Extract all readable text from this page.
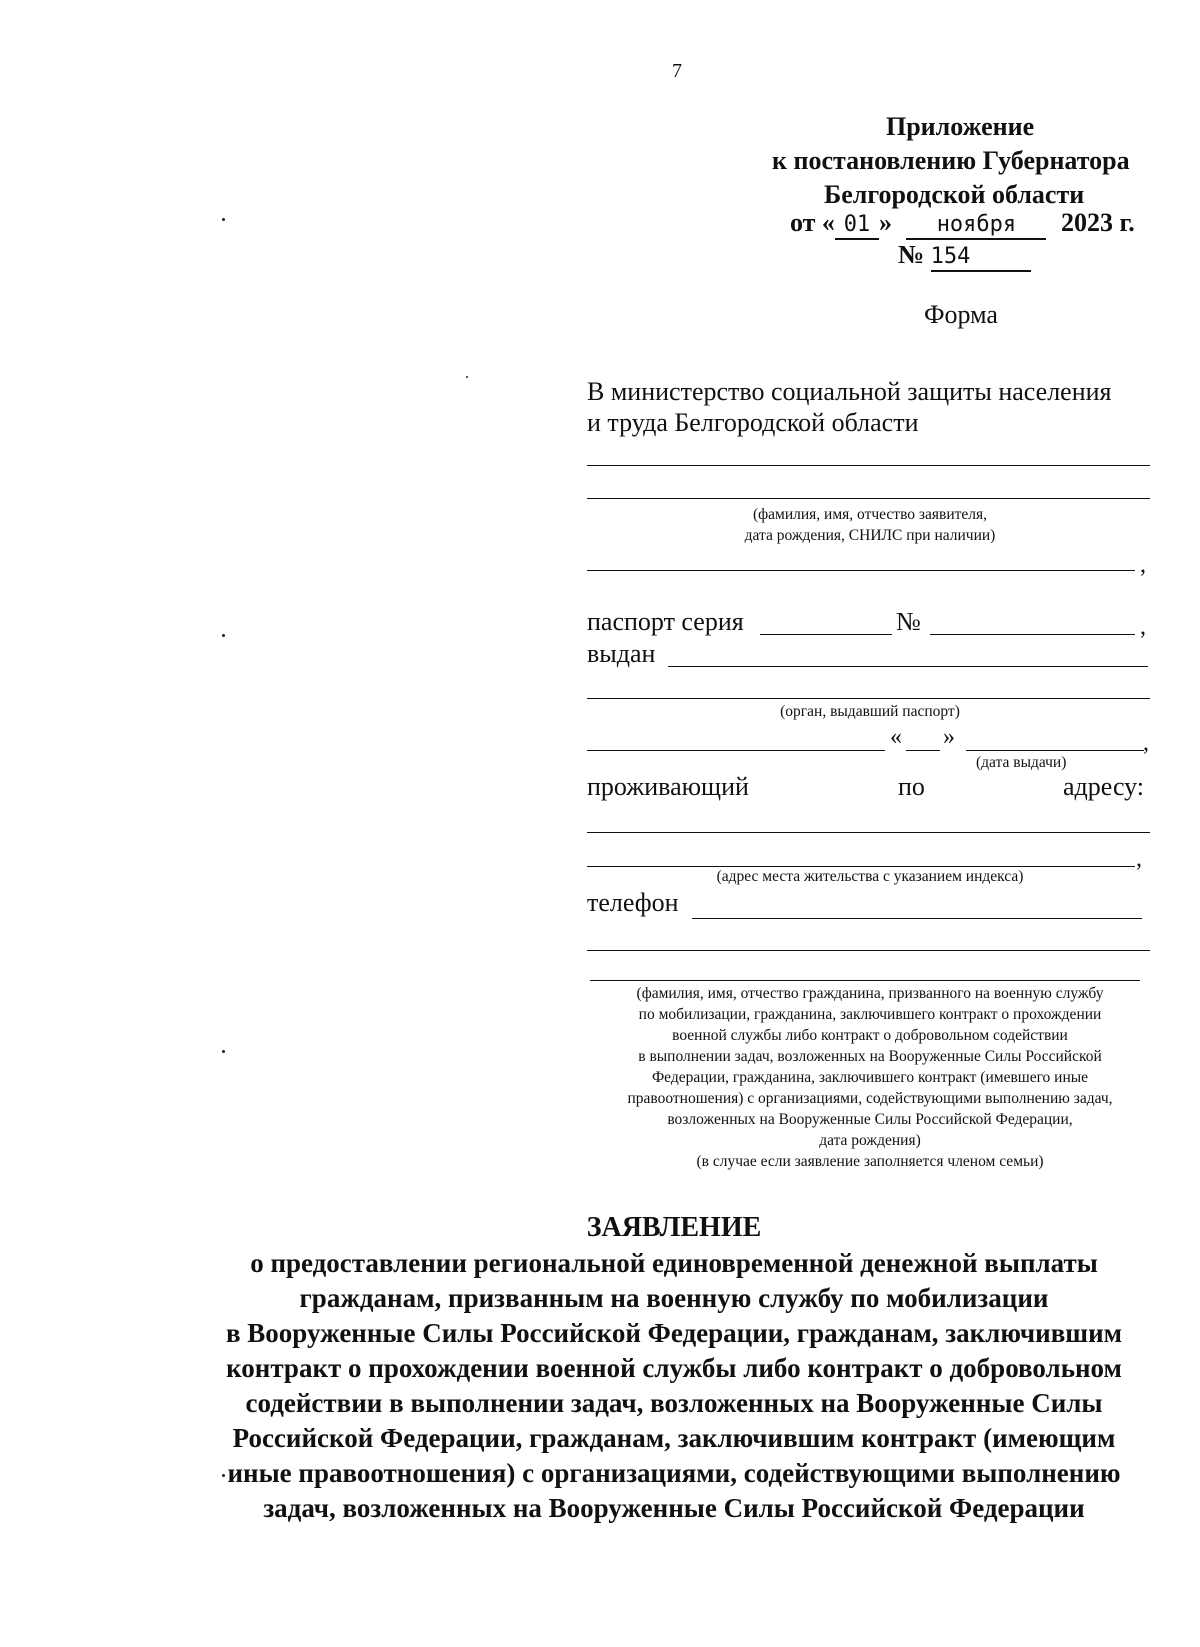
7
Приложение
к постановлению Губернатора
Белгородской области
от « 01 » ноября 2023 г.
№ 154
Форма
В министерство социальной защиты населения
и труда Белгородской области
(фамилия, имя, отчество заявителя,
дата рождения, СНИЛС при наличии)
,
паспорт серия	№	,
выдан
(орган, выдавший паспорт)
« »	,
(дата выдачи)
проживающий	по	адресу:
,
(адрес места жительства с указанием индекса)
телефон
(фамилия, имя, отчество гражданина, призванного на военную службу
по мобилизации, гражданина, заключившего контракт о прохождении
военной службы либо контракт о добровольном содействии
в выполнении задач, возложенных на Вооруженные Силы Российской
Федерации, гражданина, заключившего контракт (имевшего иные
правоотношения) с организациями, содействующими выполнению задач,
возложенных на Вооруженные Силы Российской Федерации,
дата рождения)
(в случае если заявление заполняется членом семьи)
ЗАЯВЛЕНИЕ
о предоставлении региональной единовременной денежной выплаты
гражданам, призванным на военную службу по мобилизации
в Вооруженные Силы Российской Федерации, гражданам, заключившим
контракт о прохождении военной службы либо контракт о добровольном
содействии в выполнении задач, возложенных на Вооруженные Силы
Российской Федерации, гражданам, заключившим контракт (имеющим
иные правоотношения) с организациями, содействующими выполнению
задач, возложенных на Вооруженные Силы Российской Федерации
